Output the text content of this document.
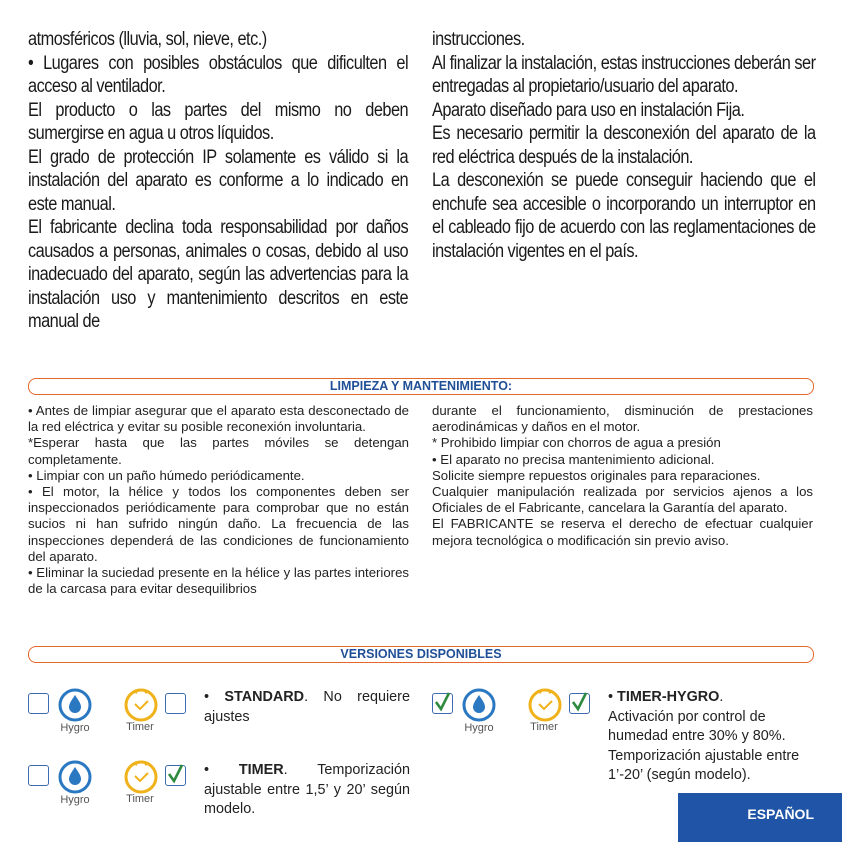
atmosféricos (lluvia, sol, nieve, etc.)

• Lugares con posibles obstáculos que dificulten el acceso al ventilador.

El producto o las partes del mismo no deben sumergirse en agua u otros líquidos.

El grado de protección IP solamente es válido si la instalación del aparato es conforme a lo indicado en este manual.

El fabricante declina toda responsabilidad por daños causados a personas, animales o cosas, debido al uso inadecuado del aparato, según las advertencias para la instalación uso y mantenimiento descritos en este manual de

instrucciones.

Al finalizar la instalación, estas instrucciones deberán ser entregadas al propietario/usuario del aparato.

Aparato diseñado para uso en instalación Fija.

Es necesario permitir la desconexión del aparato de la red eléctrica después de la instalación.

La desconexión se puede conseguir haciendo que el enchufe sea accesible o incorporando un interruptor en el cableado fijo de acuerdo con las reglamentaciones de instalación vigentes en el país.

LIMPIEZA Y MANTENIMIENTO:

• Antes de limpiar asegurar que el aparato esta desconectado de la red eléctrica y evitar su posible reconexión involuntaria.

*Esperar hasta que las partes móviles se detengan completamente.

• Limpiar con un paño húmedo periódicamente.

• El motor, la hélice y todos los componentes deben ser inspeccionados periódicamente para comprobar que no están sucios ni han sufrido ningún daño. La frecuencia de las inspecciones dependerá de las condiciones de funcionamiento del aparato.

• Eliminar la suciedad presente en la hélice y las partes interiores de la carcasa para evitar desequilibrios

durante el funcionamiento, disminución de prestaciones aerodinámicas y daños en el motor.

* Prohibido limpiar con chorros de agua a presión

• El aparato no precisa mantenimiento adicional.

Solicite siempre repuestos originales para reparaciones.

Cualquier manipulación realizada por servicios ajenos a los Oficiales de el Fabricante, cancelara la Garantía del aparato.

El FABRICANTE se reserva el derecho de efectuar cualquier mejora tecnológica o modificación sin previo aviso.

VERSIONES DISPONIBLES
Hygro	Timer
• STANDARD. No requiere ajustes
Hygro	Timer
• TIMER. Temporización ajustable entre 1,5’ y 20’ según modelo.
Hygro	Timer
• TIMER-HYGRO.
Activación por control de humedad entre 30% y 80%.
Temporización ajustable entre 1’-20’ (según modelo).
ESPAÑOL
